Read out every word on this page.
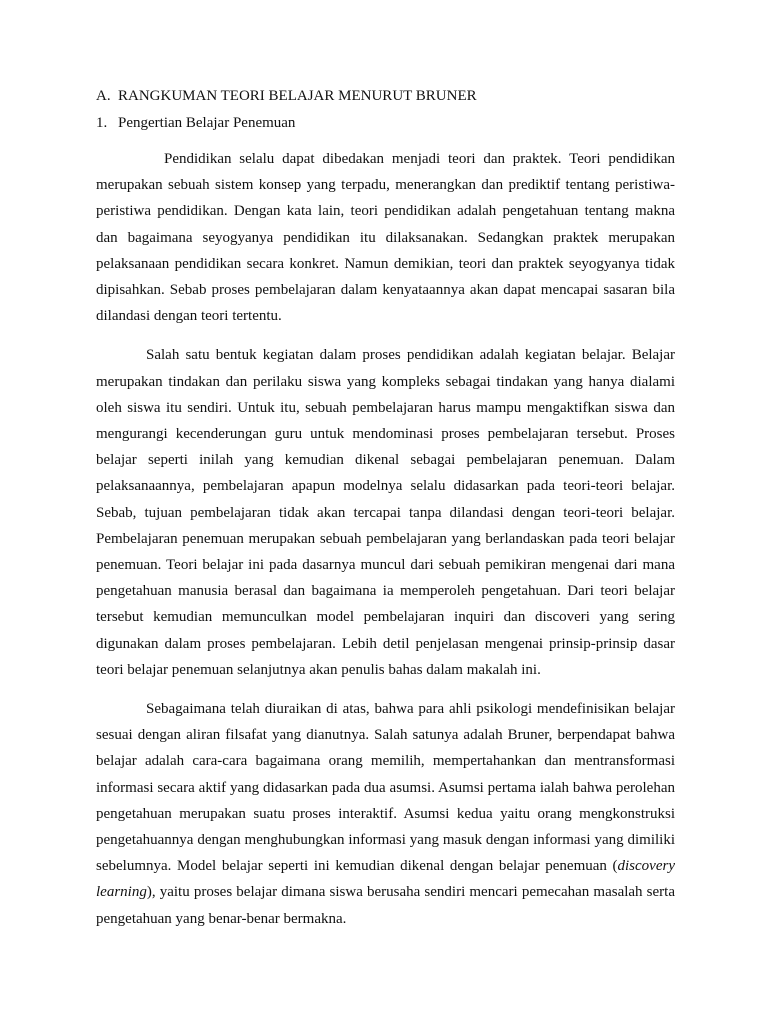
A. RANGKUMAN TEORI BELAJAR MENURUT BRUNER
1. Pengertian Belajar Penemuan

Pendidikan selalu dapat dibedakan menjadi teori dan praktek. Teori pendidikan merupakan sebuah sistem konsep yang terpadu, menerangkan dan prediktif tentang peristiwa-peristiwa pendidikan. Dengan kata lain, teori pendidikan adalah pengetahuan tentang makna dan bagaimana seyogyanya pendidikan itu dilaksanakan. Sedangkan praktek merupakan pelaksanaan pendidikan secara konkret. Namun demikian, teori dan praktek seyogyanya tidak dipisahkan. Sebab proses pembelajaran dalam kenyataannya akan dapat mencapai sasaran bila dilandasi dengan teori tertentu.

Salah satu bentuk kegiatan dalam proses pendidikan adalah kegiatan belajar. Belajar merupakan tindakan dan perilaku siswa yang kompleks sebagai tindakan yang hanya dialami oleh siswa itu sendiri. Untuk itu, sebuah pembelajaran harus mampu mengaktifkan siswa dan mengurangi kecenderungan guru untuk mendominasi proses pembelajaran tersebut. Proses belajar seperti inilah yang kemudian dikenal sebagai pembelajaran penemuan. Dalam pelaksanaannya, pembelajaran apapun modelnya selalu didasarkan pada teori-teori belajar. Sebab, tujuan pembelajaran tidak akan tercapai tanpa dilandasi dengan teori-teori belajar. Pembelajaran penemuan merupakan sebuah pembelajaran yang berlandaskan pada teori belajar penemuan. Teori belajar ini pada dasarnya muncul dari sebuah pemikiran mengenai dari mana pengetahuan manusia berasal dan bagaimana ia memperoleh pengetahuan. Dari teori belajar tersebut kemudian memunculkan model pembelajaran inquiri dan discoveri yang sering digunakan dalam proses pembelajaran. Lebih detil penjelasan mengenai prinsip-prinsip dasar teori belajar penemuan selanjutnya akan penulis bahas dalam makalah ini.

Sebagaimana telah diuraikan di atas, bahwa para ahli psikologi mendefinisikan belajar sesuai dengan aliran filsafat yang dianutnya. Salah satunya adalah Bruner, berpendapat bahwa belajar adalah cara-cara bagaimana orang memilih, mempertahankan dan mentransformasi informasi secara aktif yang didasarkan pada dua asumsi. Asumsi pertama ialah bahwa perolehan pengetahuan merupakan suatu proses interaktif. Asumsi kedua yaitu orang mengkonstruksi pengetahuannya dengan menghubungkan informasi yang masuk dengan informasi yang dimiliki sebelumnya. Model belajar seperti ini kemudian dikenal dengan belajar penemuan (discovery learning), yaitu proses belajar dimana siswa berusaha sendiri mencari pemecahan masalah serta pengetahuan yang benar-benar bermakna.
